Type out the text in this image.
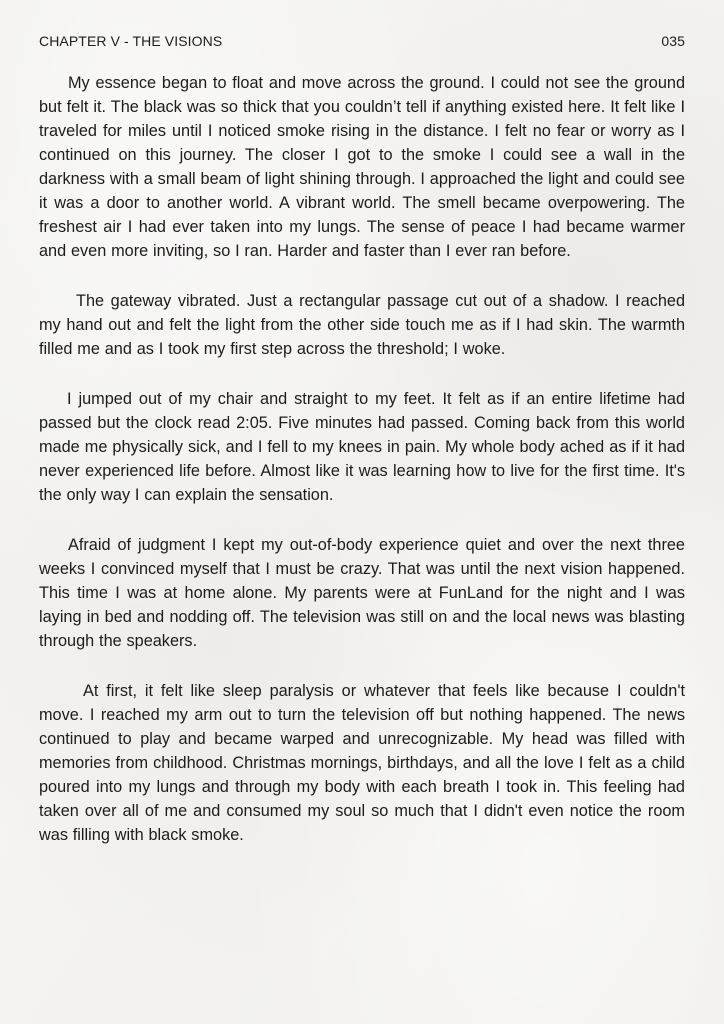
CHAPTER V - THE VISIONS	035

My essence began to float and move across the ground. I could not see the ground but felt it. The black was so thick that you couldn’t tell if anything existed here. It felt like I traveled for miles until I noticed smoke rising in the distance. I felt no fear or worry as I continued on this journey. The closer I got to the smoke I could see a wall in the darkness with a small beam of light shining through. I approached the light and could see it was a door to another world. A vibrant world. The smell became overpowering. The freshest air I had ever taken into my lungs. The sense of peace I had became warmer and even more inviting, so I ran. Harder and faster than I ever ran before.

The gateway vibrated. Just a rectangular passage cut out of a shadow. I reached my hand out and felt the light from the other side touch me as if I had skin. The warmth filled me and as I took my first step across the threshold; I woke.

I jumped out of my chair and straight to my feet. It felt as if an entire lifetime had passed but the clock read 2:05. Five minutes had passed. Coming back from this world made me physically sick, and I fell to my knees in pain. My whole body ached as if it had never experienced life before. Almost like it was learning how to live for the first time. It's the only way I can explain the sensation.

Afraid of judgment I kept my out-of-body experience quiet and over the next three weeks I convinced myself that I must be crazy. That was until the next vision happened. This time I was at home alone. My parents were at FunLand for the night and I was laying in bed and nodding off. The television was still on and the local news was blasting through the speakers.

At first, it felt like sleep paralysis or whatever that feels like because I couldn't move. I reached my arm out to turn the television off but nothing happened. The news continued to play and became warped and unrecognizable. My head was filled with memories from childhood. Christmas mornings, birthdays, and all the love I felt as a child poured into my lungs and through my body with each breath I took in. This feeling had taken over all of me and consumed my soul so much that I didn't even notice the room was filling with black smoke.
